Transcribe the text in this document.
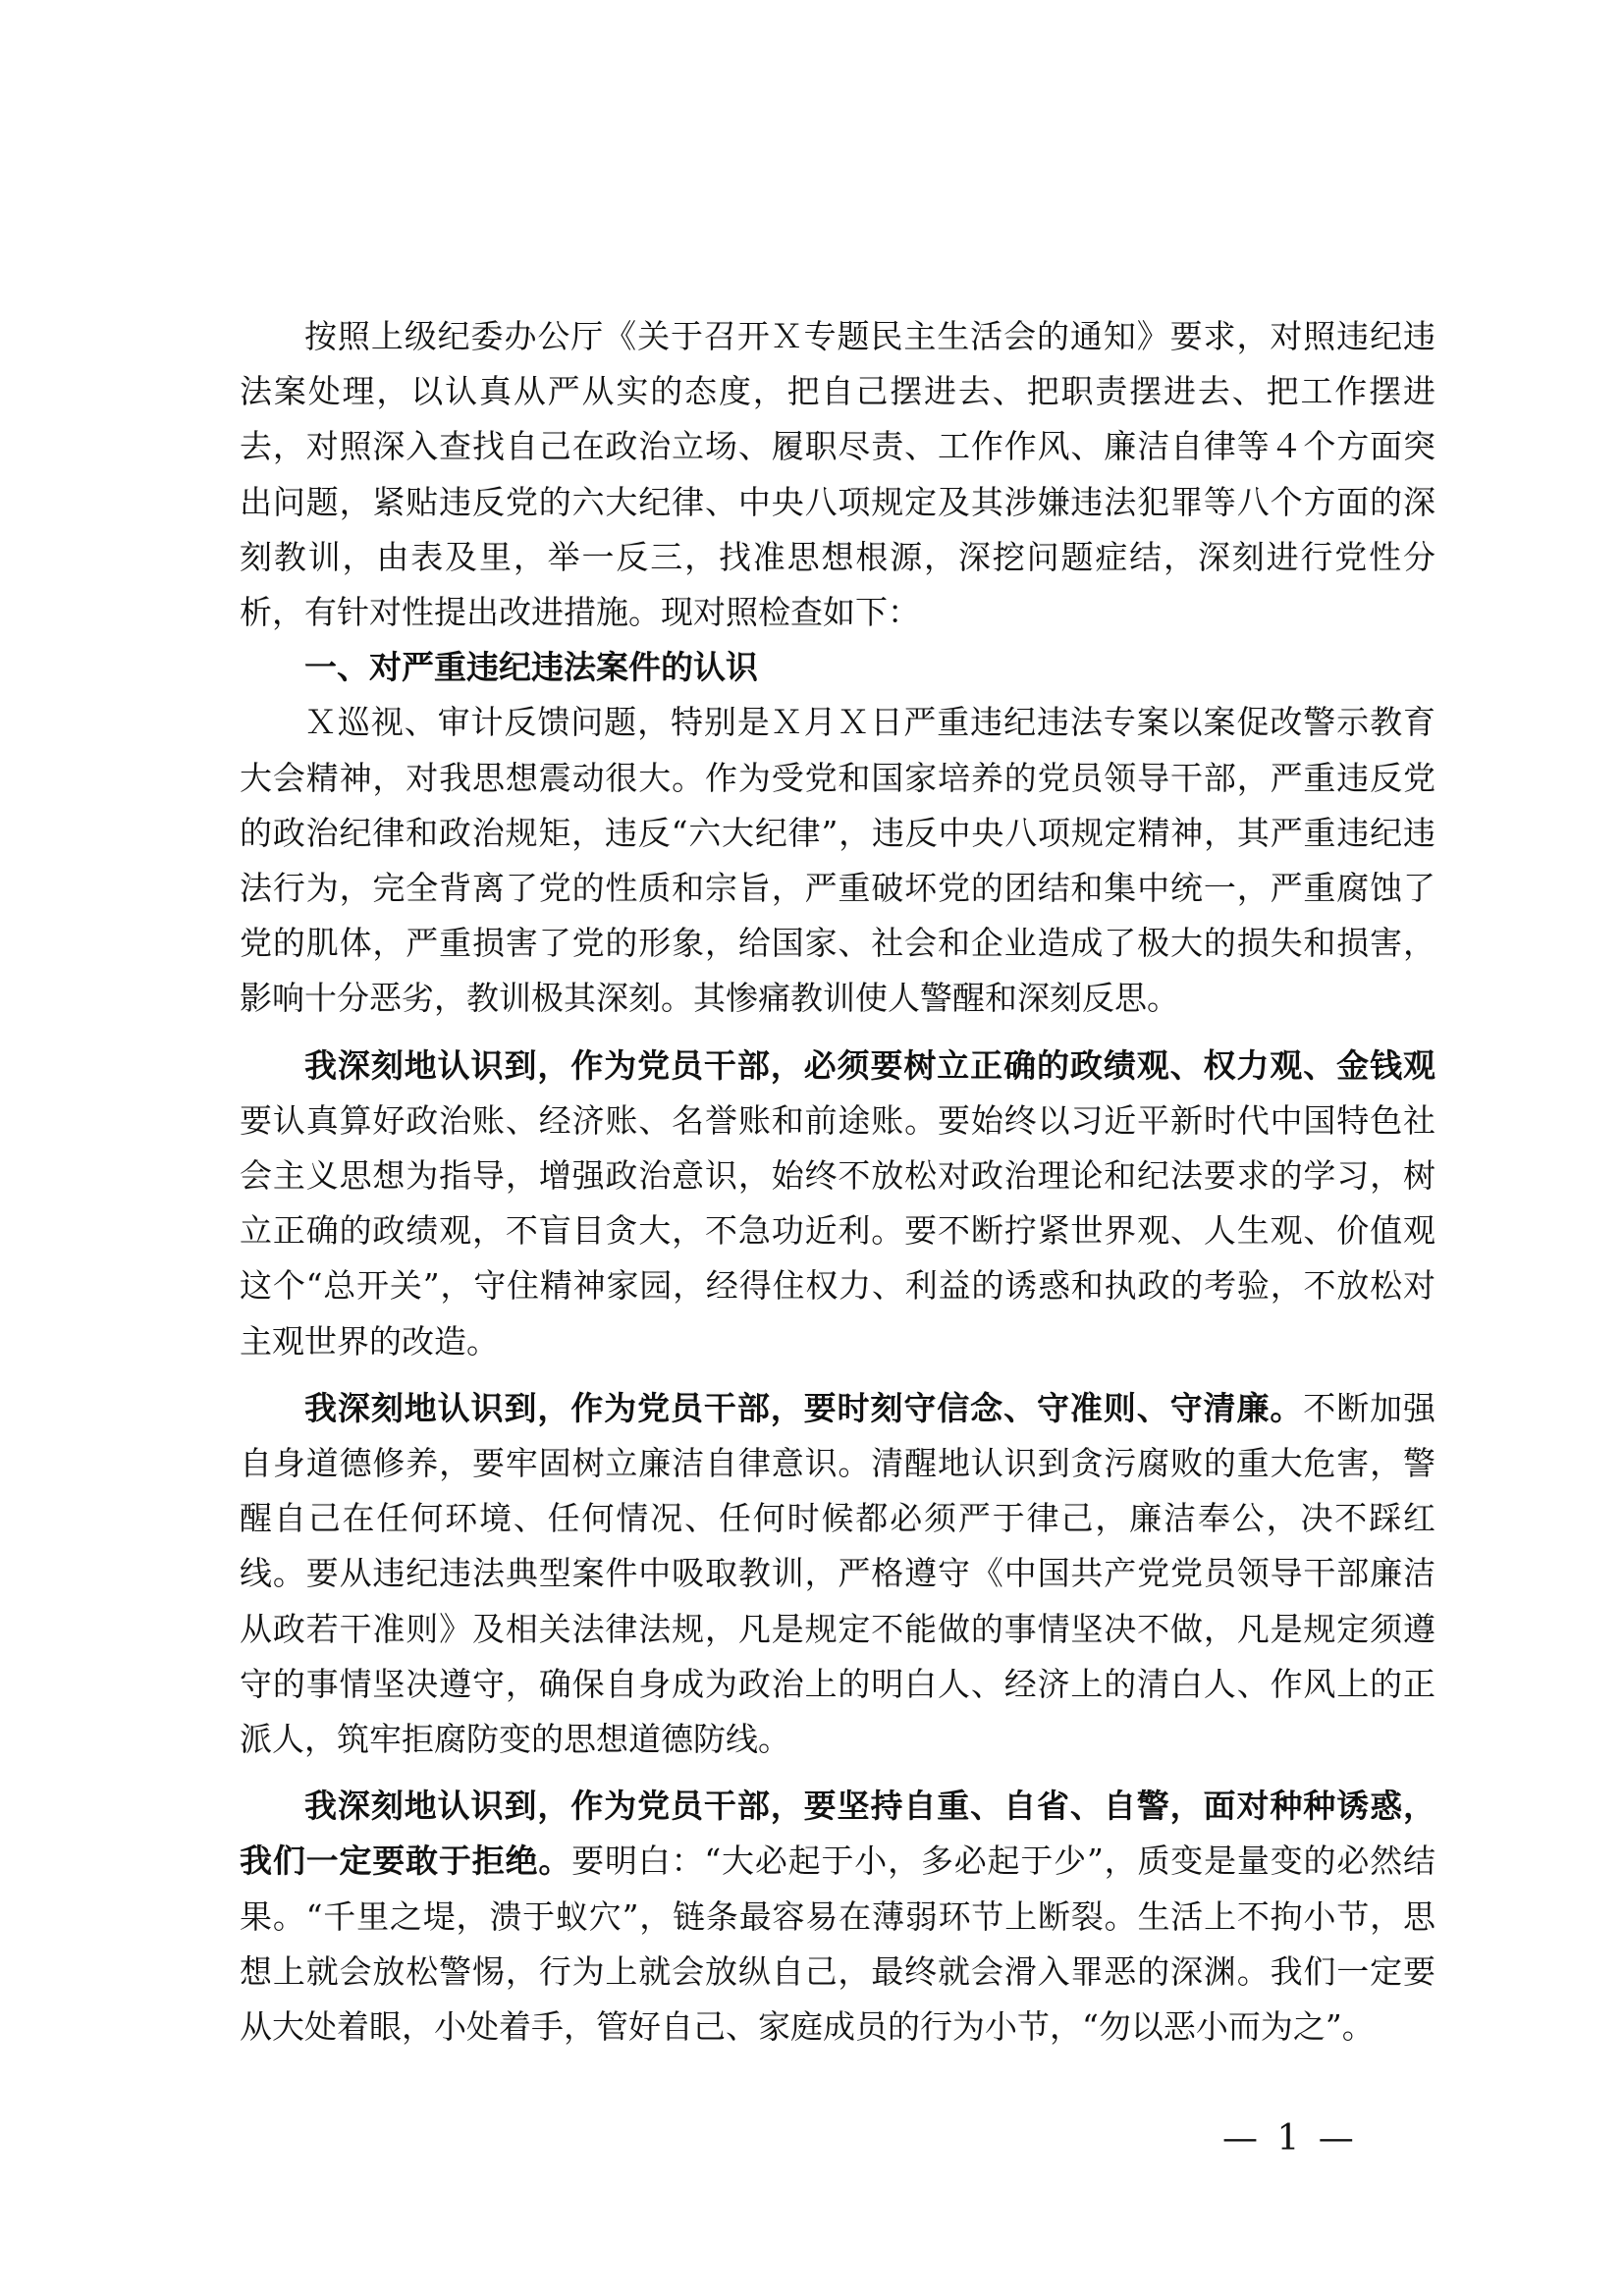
按照上级纪委办公厅《关于召开Ｘ专题民主生活会的通知》要求，对照违纪违法案处理，以认真从严从实的态度，把自己摆进去、把职责摆进去、把工作摆进去，对照深入查找自己在政治立场、履职尽责、工作作风、廉洁自律等４个方面突出问题，紧贴违反党的六大纪律、中央八项规定及其涉嫌违法犯罪等八个方面的深刻教训，由表及里，举一反三，找准思想根源，深挖问题症结，深刻进行党性分析，有针对性提出改进措施。现对照检查如下：

一、对严重违纪违法案件的认识

Ｘ巡视、审计反馈问题，特别是Ｘ月Ｘ日严重违纪违法专案以案促改警示教育大会精神，对我思想震动很大。作为受党和国家培养的党员领导干部，严重违反党的政治纪律和政治规矩，违反“六大纪律”，违反中央八项规定精神，其严重违纪违法行为，完全背离了党的性质和宗旨，严重破坏党的团结和集中统一，严重腐蚀了党的肌体，严重损害了党的形象，给国家、社会和企业造成了极大的损失和损害，影响十分恶劣，教训极其深刻。其惨痛教训使人警醒和深刻反思。

我深刻地认识到，作为党员干部，必须要树立正确的政绩观、权力观、金钱观要认真算好政治账、经济账、名誉账和前途账。要始终以习近平新时代中国特色社会主义思想为指导，增强政治意识，始终不放松对政治理论和纪法要求的学习，树立正确的政绩观，不盲目贪大，不急功近利。要不断拧紧世界观、人生观、价值观这个“总开关”，守住精神家园，经得住权力、利益的诱惑和执政的考验，不放松对主观世界的改造。

我深刻地认识到，作为党员干部，要时刻守信念、守准则、守清廉。不断加强自身道德修养，要牢固树立廉洁自律意识。清醒地认识到贪污腐败的重大危害，警醒自己在任何环境、任何情况、任何时候都必须严于律己，廉洁奉公，决不踩红线。要从违纪违法典型案件中吸取教训，严格遵守《中国共产党党员领导干部廉洁从政若干准则》及相关法律法规，凡是规定不能做的事情坚决不做，凡是规定须遵守的事情坚决遵守，确保自身成为政治上的明白人、经济上的清白人、作风上的正派人，筑牢拒腐防变的思想道德防线。

我深刻地认识到，作为党员干部，要坚持自重、自省、自警，面对种种诱惑，我们一定要敢于拒绝。要明白：“大必起于小，多必起于少”，质变是量变的必然结果。“千里之堤，溃于蚁穴”，链条最容易在薄弱环节上断裂。生活上不拘小节，思想上就会放松警惕，行为上就会放纵自己，最终就会滑入罪恶的深渊。我们一定要从大处着眼，小处着手，管好自己、家庭成员的行为小节，“勿以恶小而为之”。

— 1 —
